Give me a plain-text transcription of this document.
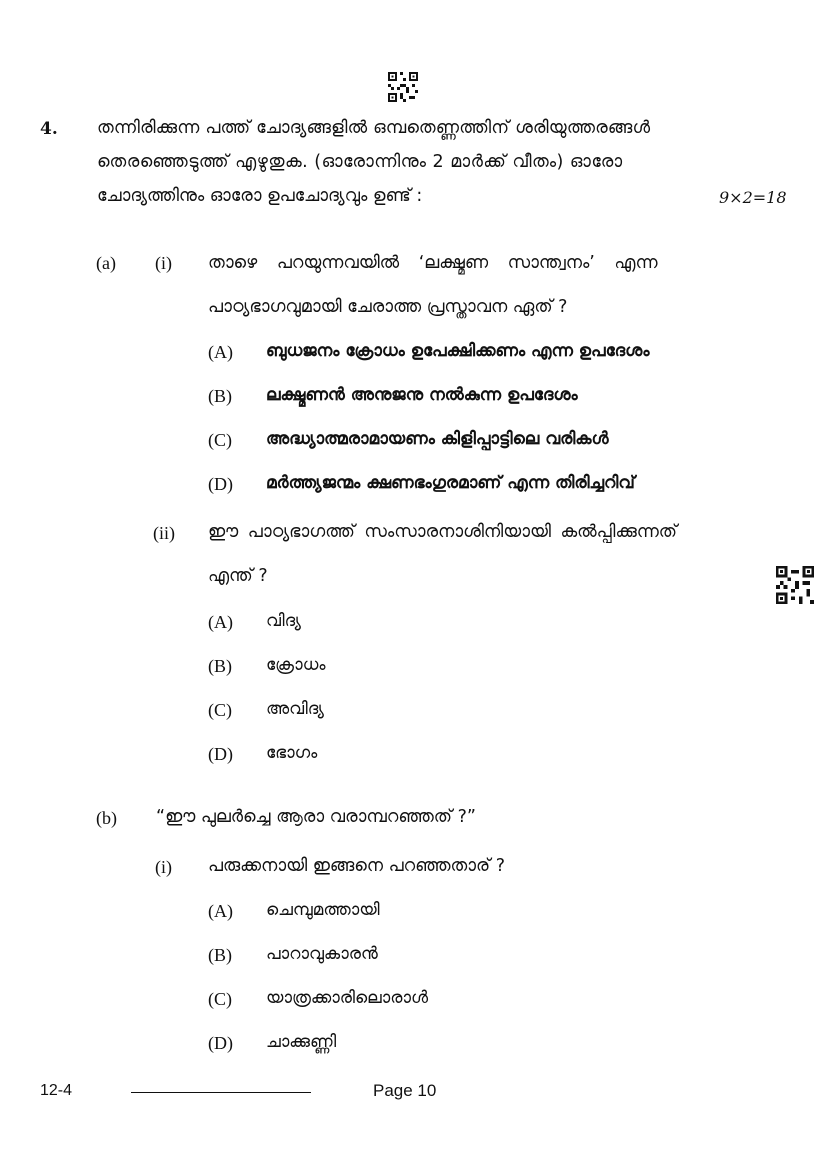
4. തന്നിരിക്കുന്ന പത്ത് ചോദ്യങ്ങളിൽ ഒമ്പതെണ്ണത്തിന് ശരിയുത്തരങ്ങൾ
തെരഞ്ഞെടുത്ത് എഴുതുക. (ഓരോന്നിനും 2 മാർക്ക് വീതം) ഓരോ
ചോദ്യത്തിനും ഓരോ ഉപചോദ്യവും ഉണ്ട് :	9×2=18
(a) (i) താഴെ പറയുന്നവയിൽ ‘ലക്ഷ്മണ സാന്ത്വനം’ എന്ന
പാഠ്യഭാഗവുമായി ചേരാത്ത പ്രസ്താവന ഏത് ?
(A) ബുധജനം ക്രോധം ഉപേക്ഷിക്കണം എന്ന ഉപദേശം
(B) ലക്ഷ്മണൻ അനുജനു നൽകുന്ന ഉപദേശം
(C) അദ്ധ്യാത്മരാമായണം കിളിപ്പാട്ടിലെ വരികൾ
(D) മർത്ത്യജന്മം ക്ഷണഭംഗുരമാണ് എന്ന തിരിച്ചറിവ്
(ii) ഈ പാഠ്യഭാഗത്ത് സംസാരനാശിനിയായി കൽപ്പിക്കുന്നത്
എന്ത് ?
(A) വിദ്യ
(B) ക്രോധം
(C) അവിദ്യ
(D) ഭോഗം
(b) “ഈ പുലർച്ചെ ആരാ വരാമ്പറഞ്ഞത് ?”
(i) പരുക്കനായി ഇങ്ങനെ പറഞ്ഞതാര് ?
(A) ചെമ്പുമത്തായി
(B) പാറാവുകാരൻ
(C) യാത്രക്കാരിലൊരാൾ
(D) ചാക്കുണ്ണി
12-4	Page 10
